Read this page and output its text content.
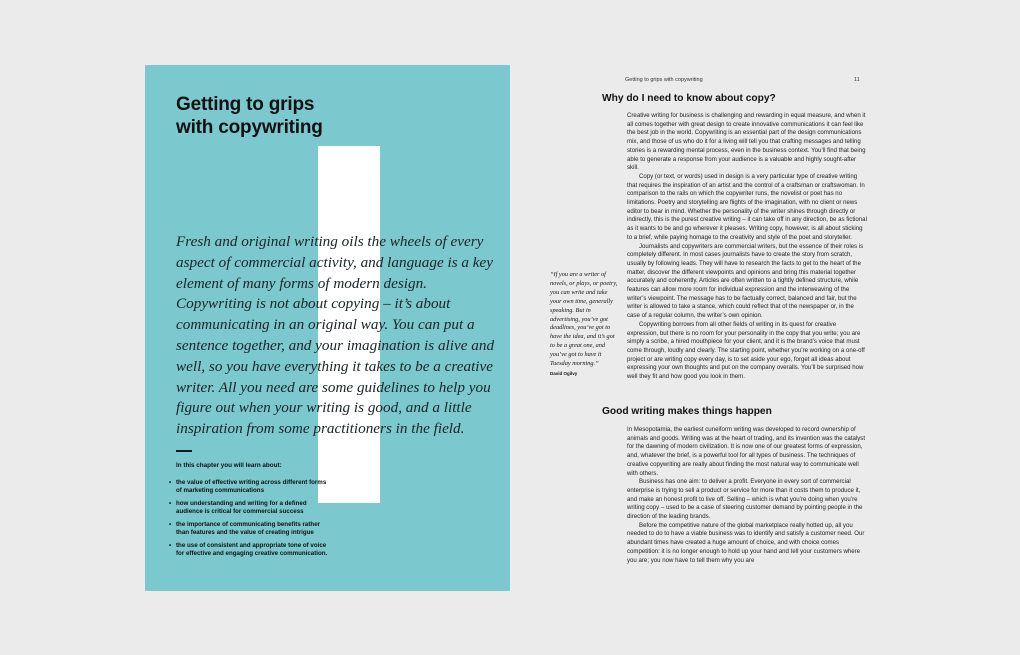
Getting to grips
with copywriting

Fresh and original writing oils the wheels of every aspect of commercial activity, and language is a key element of many forms of modern design. Copywriting is not about copying – it’s about communicating in an original way. You can put a sentence together, and your imagination is alive and well, so you have everything it takes to be a creative writer. All you need are some guidelines to help you figure out when your writing is good, and a little inspiration from some practitioners in the field.

In this chapter you will learn about:

• the value of effective writing across different forms of marketing communications
• how understanding and writing for a defined audience is critical for commercial success
• the importance of communicating benefits rather than features and the value of creating intrigue
• the use of consistent and appropriate tone of voice for effective and engaging creative communication.
Getting to grips with copywriting	11
Why do I need to know about copy?

Creative writing for business is challenging and rewarding in equal measure, and when it all comes together with great design to create innovative communications it can feel like the best job in the world. Copywriting is an essential part of the design communications mix, and those of us who do it for a living will tell you that crafting messages and telling stories is a rewarding mental process, even in the business context. You’ll find that being able to generate a response from your audience is a valuable and highly sought-after skill.

Copy (or text, or words) used in design is a very particular type of creative writing that requires the inspiration of an artist and the control of a craftsman or craftswoman. In comparison to the rails on which the copywriter runs, the novelist or poet has no limitations. Poetry and storytelling are flights of the imagination, with no client or news editor to bear in mind. Whether the personality of the writer shines through directly or indirectly, this is the purest creative writing – it can take off in any direction, be as fictional as it wants to be and go wherever it pleases. Writing copy, however, is all about sticking to a brief, while paying homage to the creativity and style of the poet and storyteller.

Journalists and copywriters are commercial writers, but the essence of their roles is completely different. In most cases journalists have to create the story from scratch, usually by following leads. They will have to research the facts to get to the heart of the matter, discover the different viewpoints and opinions and bring this material together accurately and coherently. Articles are often written to a tightly defined structure, while features can allow more room for individual expression and the interweaving of the writer’s viewpoint. The message has to be factually correct, balanced and fair, but the writer is allowed to take a stance, which could reflect that of the newspaper or, in the case of a regular column, the writer’s own opinion.

Copywriting borrows from all other fields of writing in its quest for creative expression, but there is no room for your personality in the copy that you write; you are simply a scribe, a hired mouthpiece for your client, and it is the brand’s voice that must come through, loudly and clearly. The starting point, whether you’re working on a one-off project or are writing copy every day, is to set aside your ego, forget all ideas about expressing your own thoughts and put on the company overalls. You’ll be surprised how well they fit and how good you look in them.

“If you are a writer of novels, or plays, or poetry, you can write and take your own time, generally speaking. But in advertising, you’ve got deadlines, you’ve got to have the idea, and it’s got to be a great one, and you’ve got to have it Tuesday morning.”
David Ogilvy
Good writing makes things happen

In Mesopotamia, the earliest cuneiform writing was developed to record ownership of animals and goods. Writing was at the heart of trading, and its invention was the catalyst for the dawning of modern civilization. It is now one of our greatest forms of expression, and, whatever the brief, is a powerful tool for all types of business. The techniques of creative copywriting are really about finding the most natural way to communicate well with others.

Business has one aim: to deliver a profit. Everyone in every sort of commercial enterprise is trying to sell a product or service for more than it costs them to produce it, and make an honest profit to live off. Selling – which is what you’re doing when you’re writing copy – used to be a case of steering customer demand by pointing people in the direction of the leading brands.

Before the competitive nature of the global marketplace really hotted up, all you needed to do to have a viable business was to identify and satisfy a customer need. Our abundant times have created a huge amount of choice, and with choice comes competition: it is no longer enough to hold up your hand and tell your customers where you are; you now have to tell them why you are
